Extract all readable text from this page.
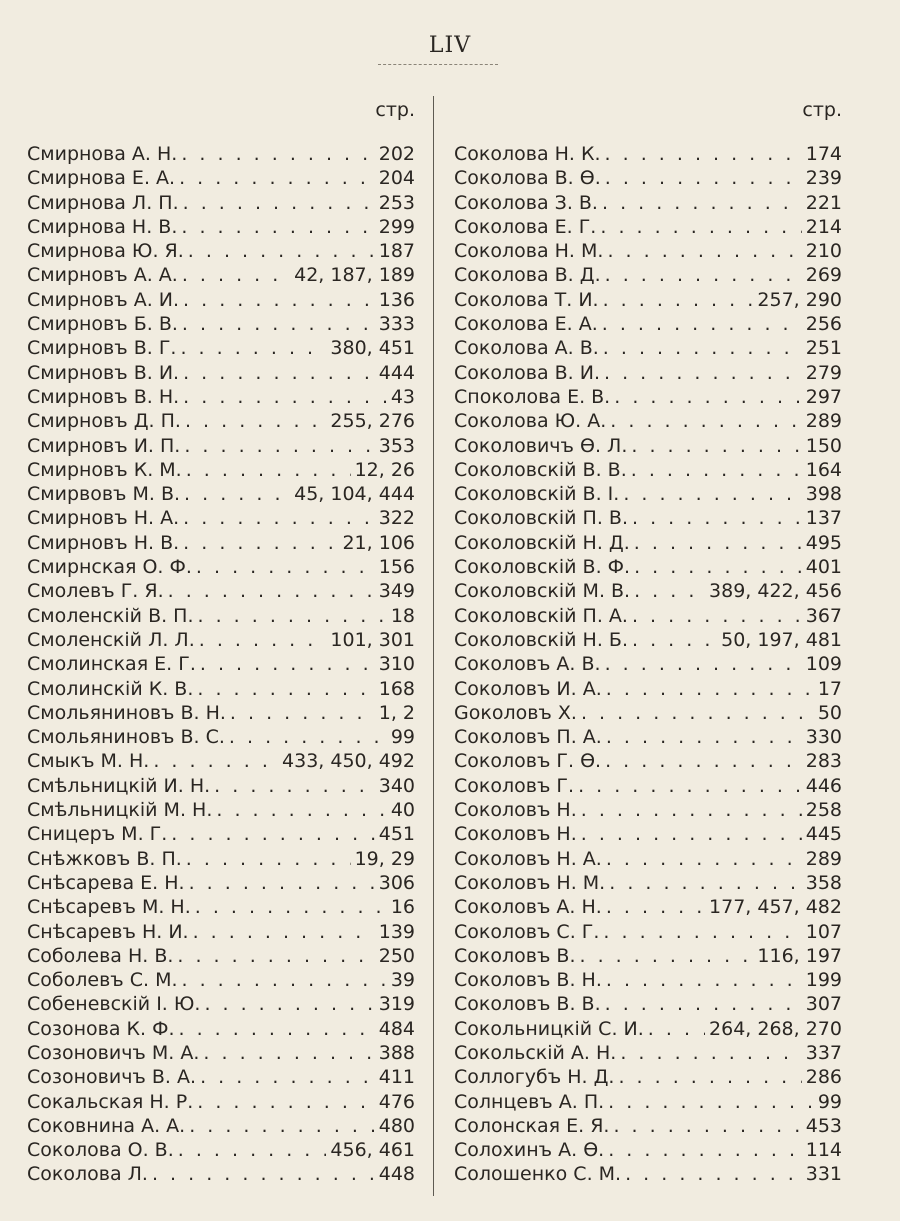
LIV
стр.
Смирнова А. Н. . . .	202
Смирнова Е. А. . . .	204
Смирнова Л. П. . . .	253
Смирнова Н. В. . . .	299
Смирнова Ю. Я. . . .	187
Смирновъ А. А. . . .	42, 187, 189
Смирновъ А. И. . . .	136
Смирновъ Б. В. . . .	333
Смирновъ В. Г. . . .	380, 451
Смирновъ В. И. . . .	444
Смирновъ В. Н. . . .	43
Смирновъ Д. П. . . .	255, 276
Смирновъ И. П. . . .	353
Смирновъ К. М. . . .	12, 26
Смирвовъ М. В. . . .	45, 104, 444
Смирновъ Н. А. . . .	322
Смирновъ Н. В. . . .	21, 106
Смирнская О. Ф. . . .	156
Смолевъ Г. Я. . . .	349
Смоленскій В. П. . . .	18
Смоленскій Л. Л. . . .	101, 301
Смолинская Е. Г. . . .	310
Смолинскій К. В. . . .	168
Смольяниновъ В. Н. . . .	1, 2
Смольяниновъ В. С. . . .	99
Смыкъ М. Н. . . .	433, 450, 492
Смѣльницкій И. Н. . . .	340
Смѣльницкій М. Н. . . .	40
Сницеръ М. Г. . . .	451
Снѣжковъ В. П. . . .	19, 29
Снѣсарева Е. Н. . . .	306
Снѣсаревъ М. Н. . . .	16
Снѣсаревъ Н. И. . . .	139
Соболева Н. В. . . .	250
Соболевъ С. М. . . .	39
Собеневскій І. Ю. . . .	319
Созонова К. Ф. . . .	484
Созоновичъ М. А. . . .	388
Созоновичъ В. А. . . .	411
Сокальская Н. Р. . . .	476
Соковнина А. А. . . .	480
Соколова О. В. . . .	456, 461
Соколова Л. . . .	448
стр.
Соколова Н. К. . . .	174
Соколова В. Ѳ. . . .	239
Соколова З. В. . . .	221
Соколова Е. Г. . . .	214
Соколова Н. М. . . .	210
Соколова В. Д. . . .	269
Соколова Т. И. . . .	257, 290
Соколова Е. А. . . .	256
Соколова А. В. . . .	251
Соколова В. И. . . .	279
Споколова Е. В. . . .	297
Соколова Ю. А. . . .	289
Соколовичъ Ѳ. Л. . . .	150
Соколовскій В. В. . . .	164
Соколовскій В. І. . . .	398
Соколовскій П. В. . . .	137
Соколовскій Н. Д. . . .	495
Соколовскій В. Ф. . . .	401
Соколовскій М. В. . . .	389, 422, 456
Соколовскій П. А. . . .	367
Соколовскій Н. Б. . . .	50, 197, 481
Соколовъ А. В. . . .	109
Соколовъ И. А. . . .	17
Gоколовъ Х. . . .	50
Соколовъ П. А. . . .	330
Соколовъ Г. Ѳ. . . .	283
Соколовъ Г. . . .	446
Соколовъ Н. . . .	258
Соколовъ Н. . . .	445
Соколовъ Н. А. . . .	289
Соколовъ Н. М. . . .	358
Соколовъ А. Н. . . .	177, 457, 482
Соколовъ С. Г. . . .	107
Соколовъ В. . . .	116, 197
Соколовъ В. Н. . . .	199
Соколовъ В. В. . . .	307
Сокольницкій С. И. . . .	264, 268, 270
Сокольскій А. Н. . . .	337
Соллогубъ Н. Д. . . .	286
Солнцевъ А. П. . . .	99
Солонская Е. Я. . . .	453
Солохинъ А. Ѳ. . . .	114
Солошенко С. М. . . .	331
